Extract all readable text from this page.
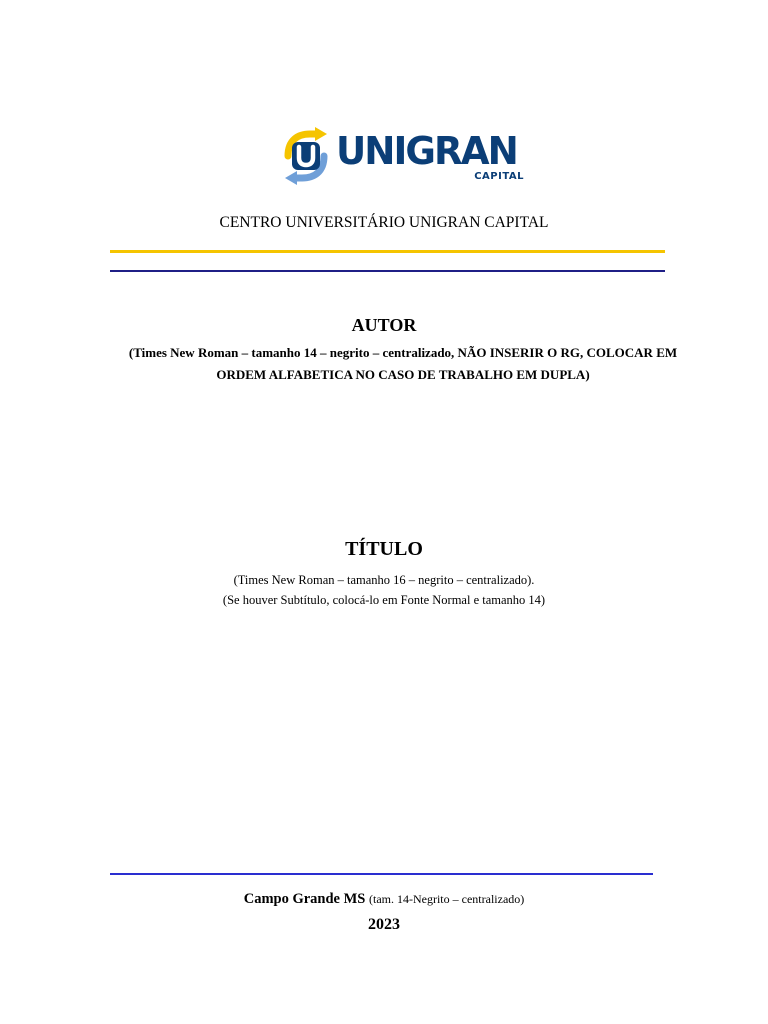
UNIGRAN
CAPITAL
CENTRO UNIVERSITÁRIO UNIGRAN CAPITAL
AUTOR
(Times New Roman – tamanho 14 – negrito – centralizado, NÃO INSERIR O RG, COLOCAR EM
ORDEM ALFABETICA NO CASO DE TRABALHO EM DUPLA)
TÍTULO
(Times New Roman – tamanho 16 – negrito – centralizado).
(Se houver Subtítulo, colocá-lo em Fonte Normal e tamanho 14)
Campo Grande MS (tam. 14-Negrito – centralizado)
2023
